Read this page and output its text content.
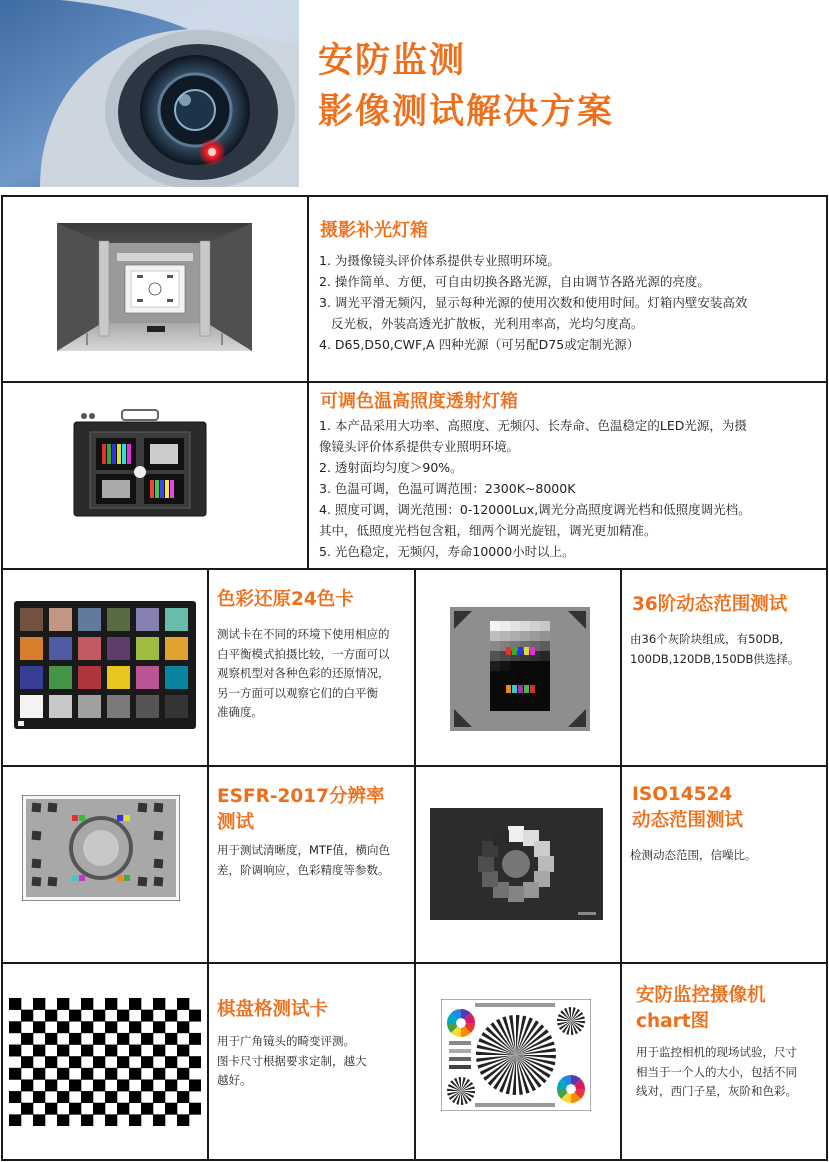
安防监测
影像测试解决方案
摄影补光灯箱
1. 为摄像镜头评价体系提供专业照明环境。
2. 操作简单、方便，可自由切换各路光源，自由调节各路光源的亮度。
3. 调光平滑无频闪，显示每种光源的使用次数和使用时间。灯箱内壁安装高效
反光板，外装高透光扩散板，光利用率高，光均匀度高。
4. D65,D50,CWF,A 四种光源（可另配D75或定制光源）
可调色温高照度透射灯箱
1. 本产品采用大功率、高照度、无频闪、长寿命、色温稳定的LED光源，为摄
像镜头评价体系提供专业照明环境。
2. 透射面均匀度＞90%。
3. 色温可调，色温可调范围：2300K~8000K
4. 照度可调，调光范围：0-12000Lux,调光分高照度调光档和低照度调光档。
其中，低照度光档包含粗，细两个调光旋钮，调光更加精准。
5. 光色稳定，无频闪，寿命10000小时以上。
色彩还原24色卡
测试卡在不同的环境下使用相应的
白平衡模式拍摄比较，一方面可以
观察机型对各种色彩的还原情况，
另一方面可以观察它们的白平衡
准确度。
36阶动态范围测试
由36个灰阶块组成，有50DB,
100DB,120DB,150DB供选择。
ESFR-2017分辨率
测试
用于测试清晰度，MTF值，横向色
差，阶调响应，色彩精度等参数。
ISO14524
动态范围测试
检测动态范围，信噪比。
棋盘格测试卡
用于广角镜头的畸变评测。
图卡尺寸根据要求定制，越大
越好。
安防监控摄像机
chart图
用于监控相机的现场试验，尺寸
相当于一个人的大小，包括不同
线对，西门子星，灰阶和色彩。
